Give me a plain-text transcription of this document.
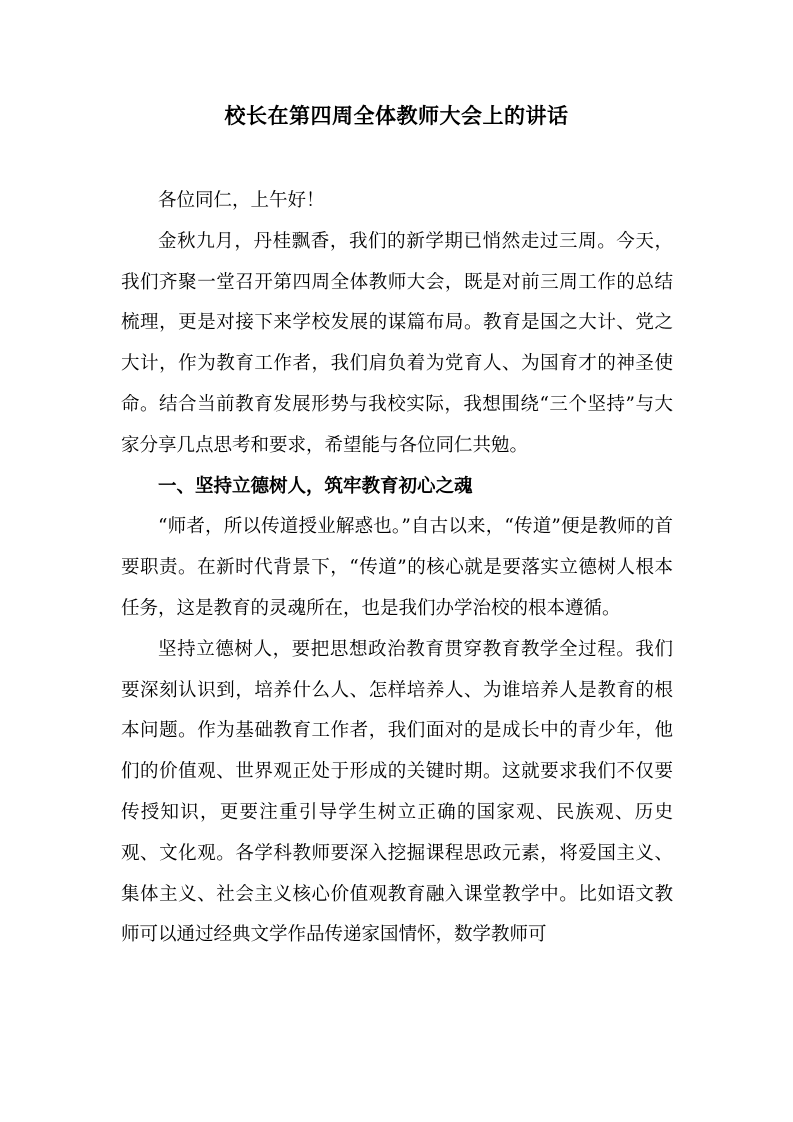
校长在第四周全体教师大会上的讲话

各位同仁，上午好！

金秋九月，丹桂飘香，我们的新学期已悄然走过三周。今天，我们齐聚一堂召开第四周全体教师大会，既是对前三周工作的总结梳理，更是对接下来学校发展的谋篇布局。教育是国之大计、党之大计，作为教育工作者，我们肩负着为党育人、为国育才的神圣使命。结合当前教育发展形势与我校实际，我想围绕“三个坚持”与大家分享几点思考和要求，希望能与各位同仁共勉。

一、坚持立德树人，筑牢教育初心之魂

“师者，所以传道授业解惑也。”自古以来，“传道”便是教师的首要职责。在新时代背景下，“传道”的核心就是要落实立德树人根本任务，这是教育的灵魂所在，也是我们办学治校的根本遵循。

坚持立德树人，要把思想政治教育贯穿教育教学全过程。我们要深刻认识到，培养什么人、怎样培养人、为谁培养人是教育的根本问题。作为基础教育工作者，我们面对的是成长中的青少年，他们的价值观、世界观正处于形成的关键时期。这就要求我们不仅要传授知识，更要注重引导学生树立正确的国家观、民族观、历史观、文化观。各学科教师要深入挖掘课程思政元素，将爱国主义、集体主义、社会主义核心价值观教育融入课堂教学中。比如语文教师可以通过经典文学作品传递家国情怀，数学教师可
